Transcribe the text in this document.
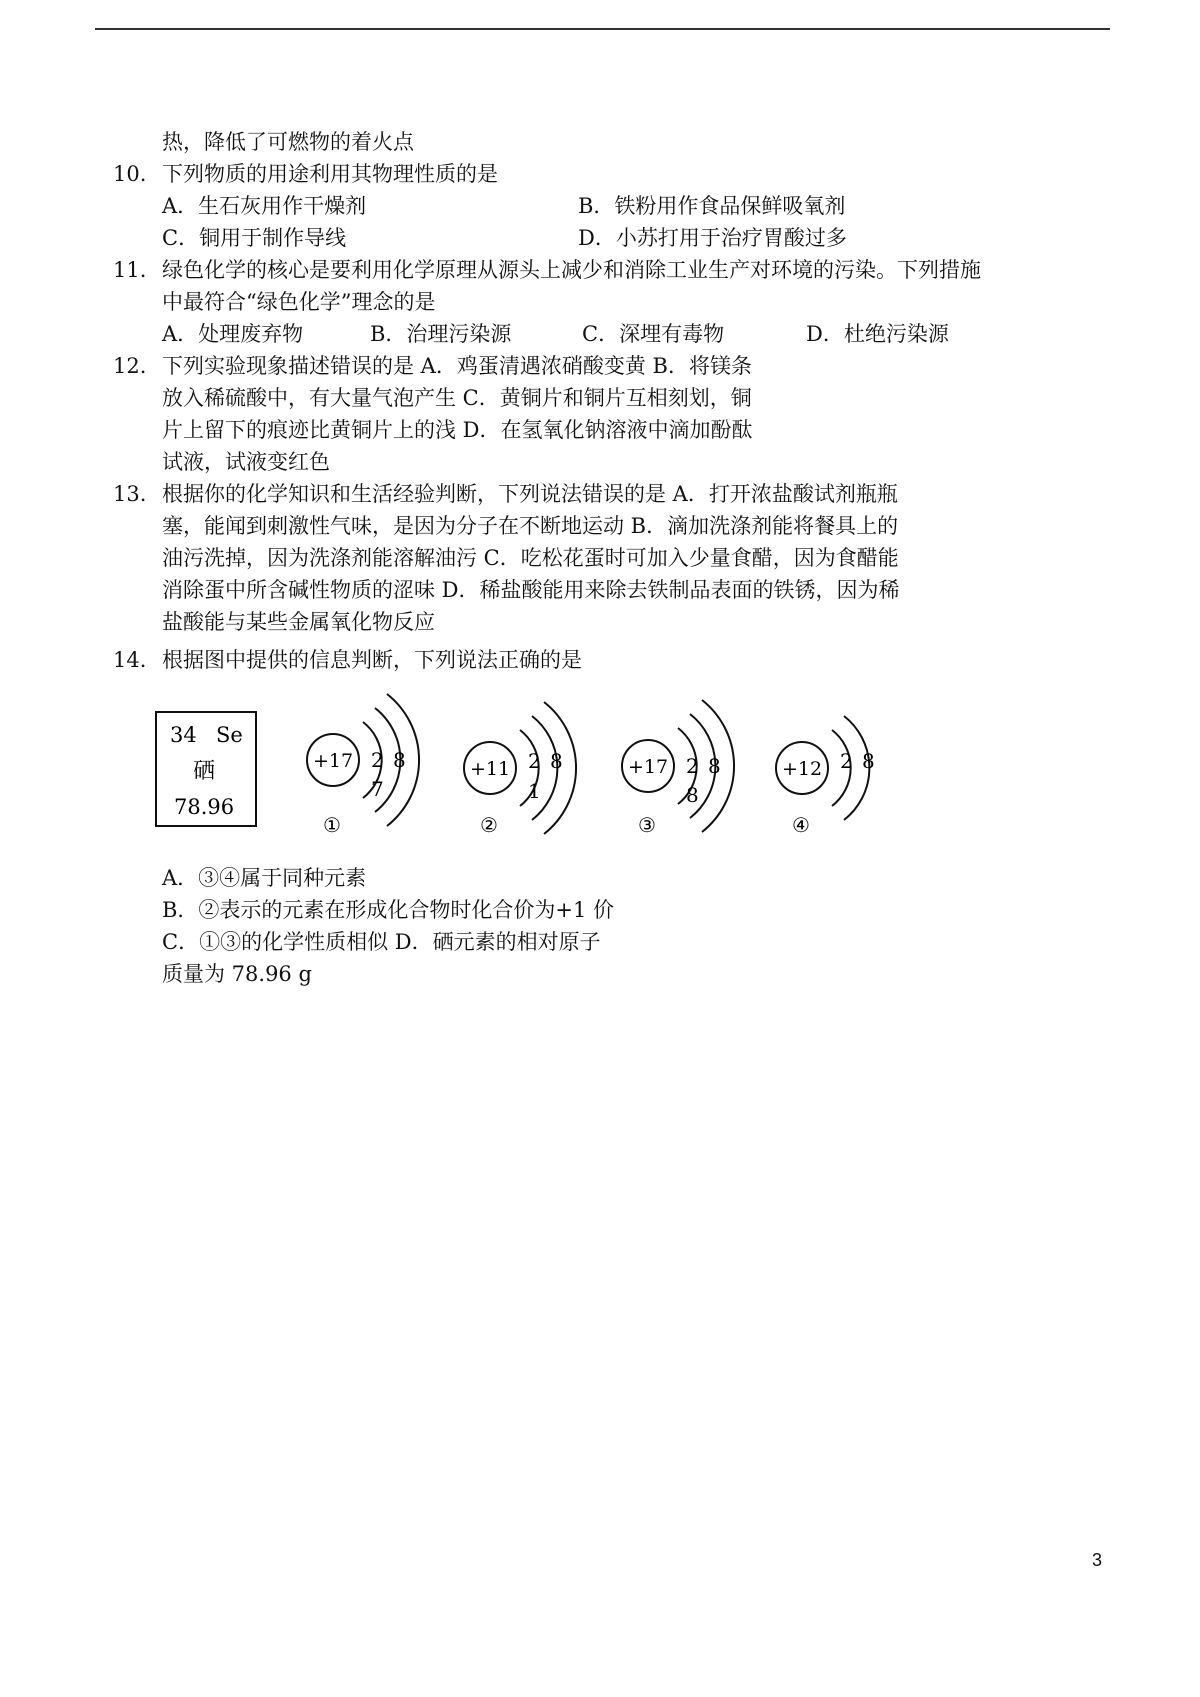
热，降低了可燃物的着火点
10. 下列物质的用途利用其物理性质的是
A．生石灰用作干燥剂	B．铁粉用作食品保鲜吸氧剂
C．铜用于制作导线	D．小苏打用于治疗胃酸过多
11. 绿色化学的核心是要利用化学原理从源头上减少和消除工业生产对环境的污染。下列措施
中最符合“绿色化学”理念的是
A．处理废弃物	B．治理污染源	C．深埋有毒物	D．杜绝污染源
12. 下列实验现象描述错误的是 A．鸡蛋清遇浓硝酸变黄 B．将镁条
放入稀硫酸中，有大量气泡产生 C．黄铜片和铜片互相刻划，铜
片上留下的痕迹比黄铜片上的浅 D．在氢氧化钠溶液中滴加酚酞
试液，试液变红色
13. 根据你的化学知识和生活经验判断，下列说法错误的是 A．打开浓盐酸试剂瓶瓶
塞，能闻到刺激性气味，是因为分子在不断地运动 B．滴加洗涤剂能将餐具上的
油污洗掉，因为洗涤剂能溶解油污 C．吃松花蛋时可加入少量食醋，因为食醋能
消除蛋中所含碱性物质的涩味 D．稀盐酸能用来除去铁制品表面的铁锈，因为稀
盐酸能与某些金属氧化物反应
14. 根据图中提供的信息判断，下列说法正确的是
34 Se
硒
78.96
+17 2 8
7
①
+11 2 8
1
②
+17 2 8
8
③
+12 2 8
④
A．③④属于同种元素
B．②表示的元素在形成化合物时化合价为+1 价
C．①③的化学性质相似 D．硒元素的相对原子
质量为 78.96 g
3
